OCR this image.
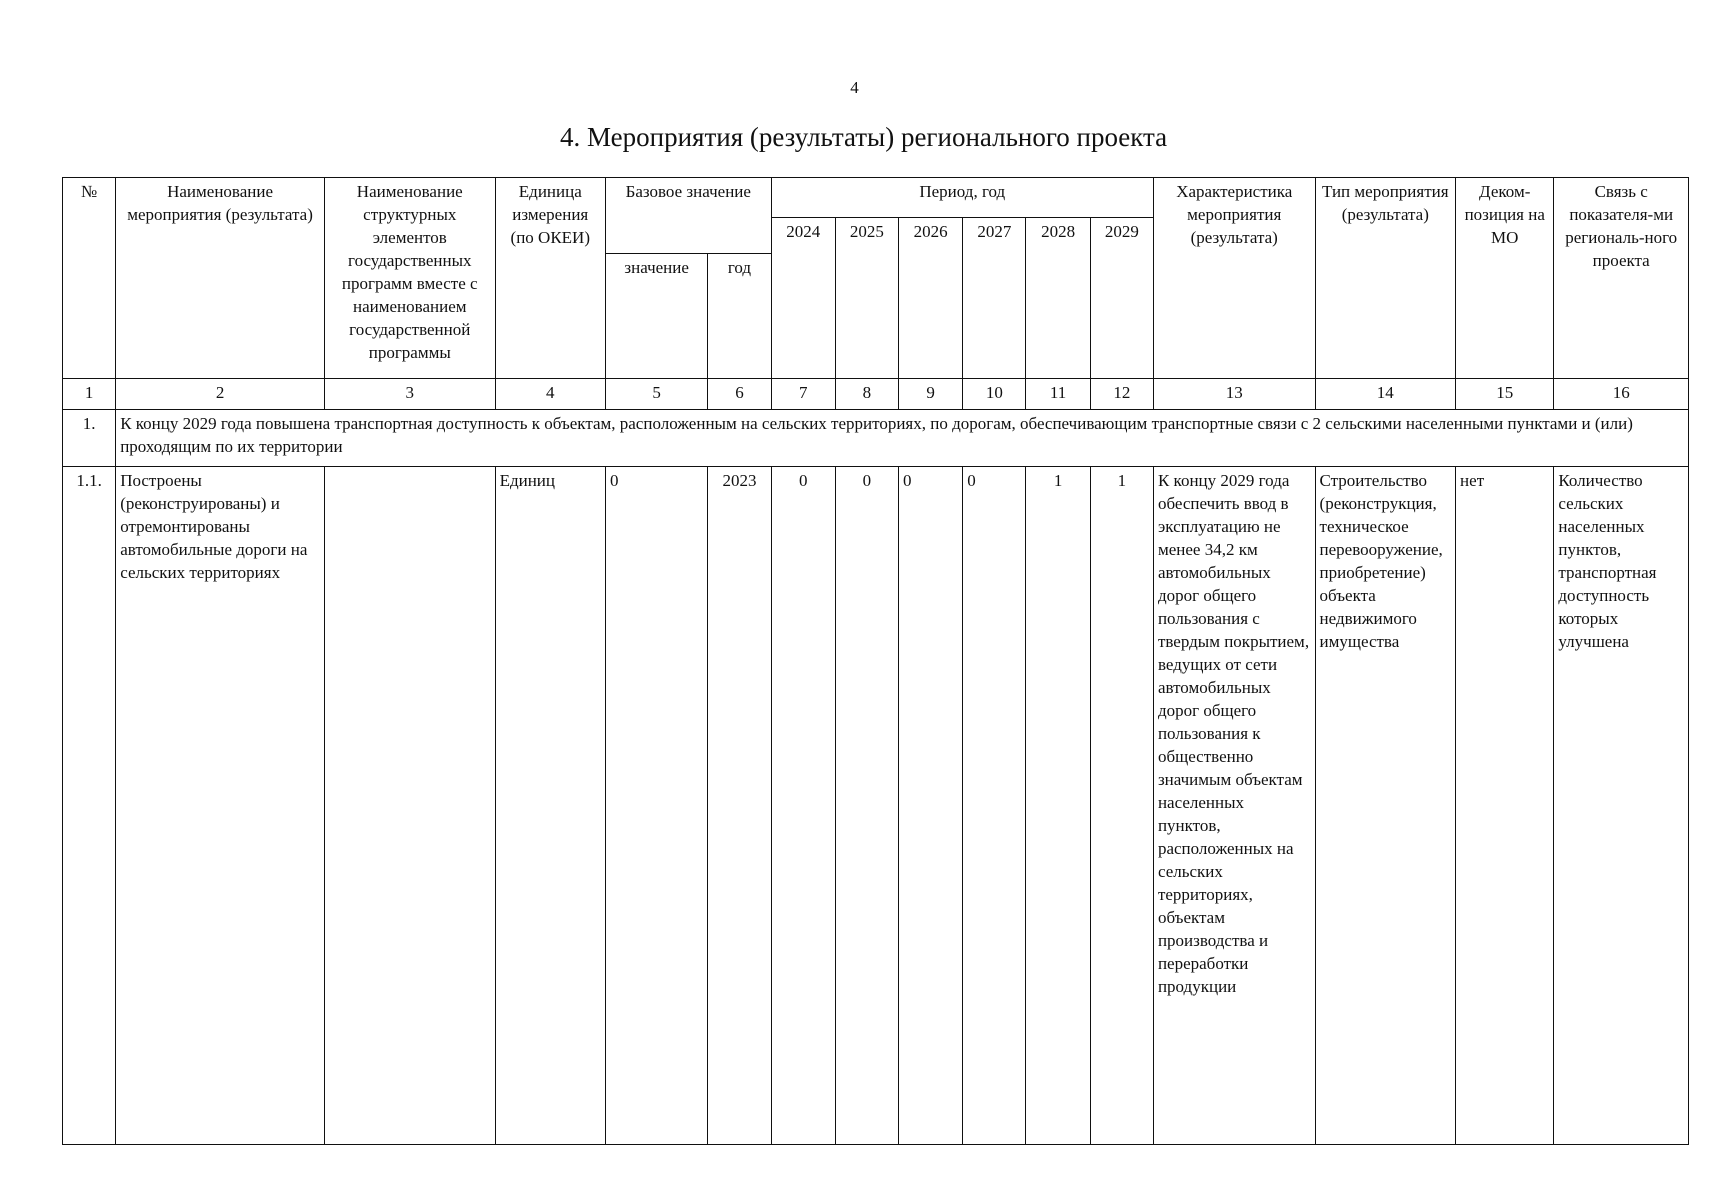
4
4. Мероприятия (результаты) регионального проекта
№	Наименование мероприятия (результата)	Наименование структурных элементов государственных программ вместе с наименованием государственной программы	Единица измерения (по ОКЕИ)	Базовое значение		Период, год						Характеристика мероприятия (результата)	Тип мероприятия (результата)	Деком-позиция на МО	Связь с показателя-ми региональ-ного проекта
						2024	2025	2026	2027	2028	2029				
				значение	год										
1	2	3	4	5	6	7	8	9	10	11	12	13	14	15	16
1.	К концу 2029 года повышена транспортная доступность к объектам, расположенным на сельских территориях, по дорогам, обеспечивающим транспортные связи с 2 сельскими населенными пунктами и (или) проходящим по их территории														
1.1.	Построены (реконструированы) и отремонтированы автомобильные дороги на сельских территориях		Единиц	0	2023	0	0	0	0	1	1	К концу 2029 года обеспечить ввод в эксплуатацию не менее 34,2 км автомобильных дорог общего пользования с твердым покрытием, ведущих от сети автомобильных дорог общего пользования к общественно значимым объектам населенных пунктов, расположенных на сельских территориях, объектам производства и переработки продукции	Строительство (реконструкция, техническое перевооружение, приобретение) объекта недвижимого имущества	нет	Количество сельских населенных пунктов, транспортная доступность которых улучшена
